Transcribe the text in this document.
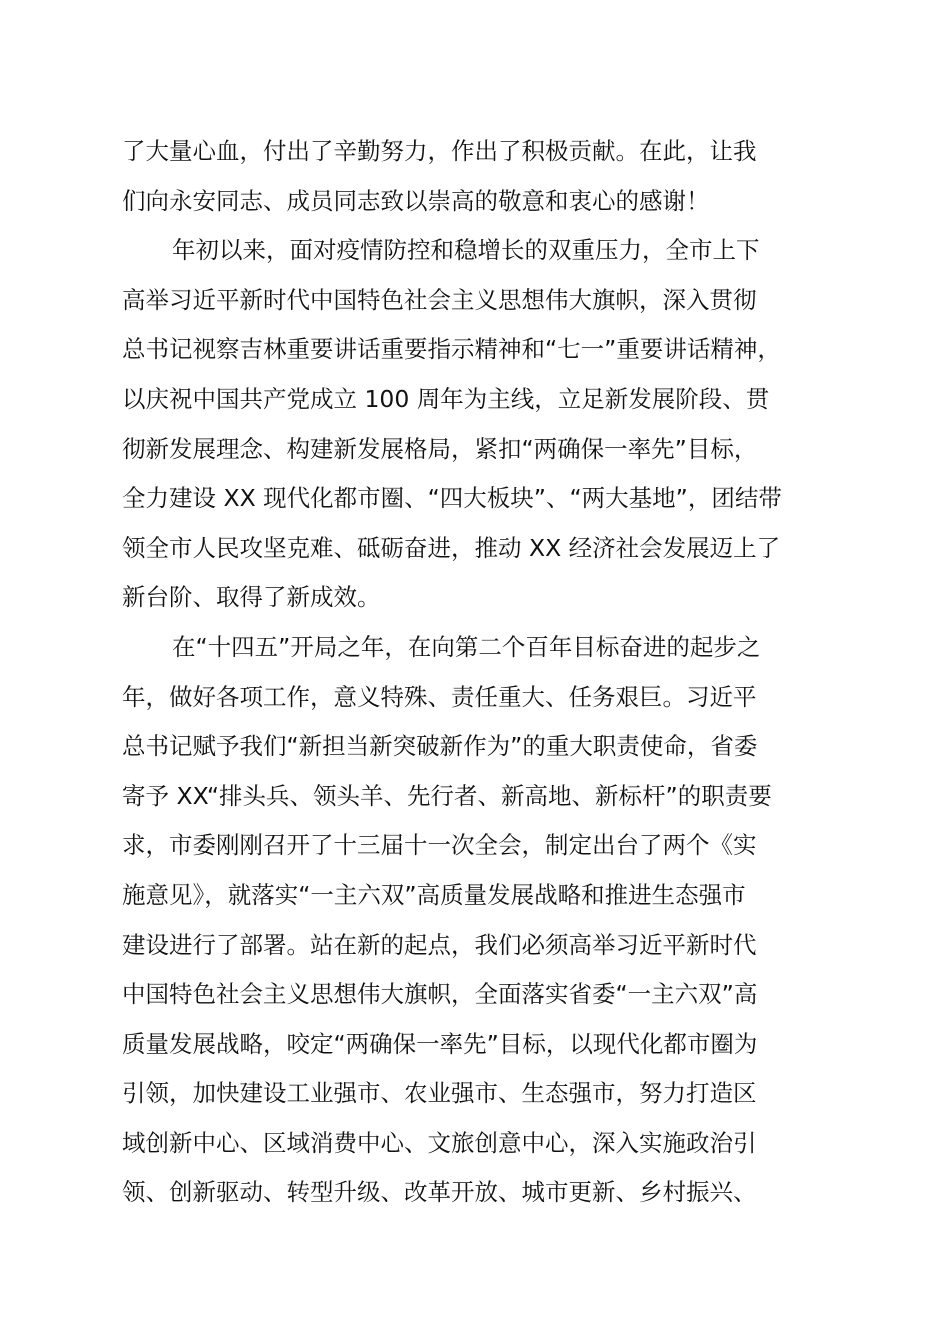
了大量心血，付出了辛勤努力，作出了积极贡献。在此，让我
们向永安同志、成员同志致以崇高的敬意和衷心的感谢！
年初以来，面对疫情防控和稳增长的双重压力，全市上下
高举习近平新时代中国特色社会主义思想伟大旗帜，深入贯彻
总书记视察吉林重要讲话重要指示精神和“七一”重要讲话精神，
以庆祝中国共产党成立 100 周年为主线，立足新发展阶段、贯
彻新发展理念、构建新发展格局，紧扣“两确保一率先”目标，
全力建设 XX 现代化都市圈、“四大板块”、“两大基地”，团结带
领全市人民攻坚克难、砥砺奋进，推动 XX 经济社会发展迈上了
新台阶、取得了新成效。
在“十四五”开局之年，在向第二个百年目标奋进的起步之
年，做好各项工作，意义特殊、责任重大、任务艰巨。习近平
总书记赋予我们“新担当新突破新作为”的重大职责使命，省委
寄予 XX“排头兵、领头羊、先行者、新高地、新标杆”的职责要
求，市委刚刚召开了十三届十一次全会，制定出台了两个《实
施意见》，就落实“一主六双”高质量发展战略和推进生态强市
建设进行了部署。站在新的起点，我们必须高举习近平新时代
中国特色社会主义思想伟大旗帜，全面落实省委“一主六双”高
质量发展战略，咬定“两确保一率先”目标，以现代化都市圈为
引领，加快建设工业强市、农业强市、生态强市，努力打造区
域创新中心、区域消费中心、文旅创意中心，深入实施政治引
领、创新驱动、转型升级、改革开放、城市更新、乡村振兴、
